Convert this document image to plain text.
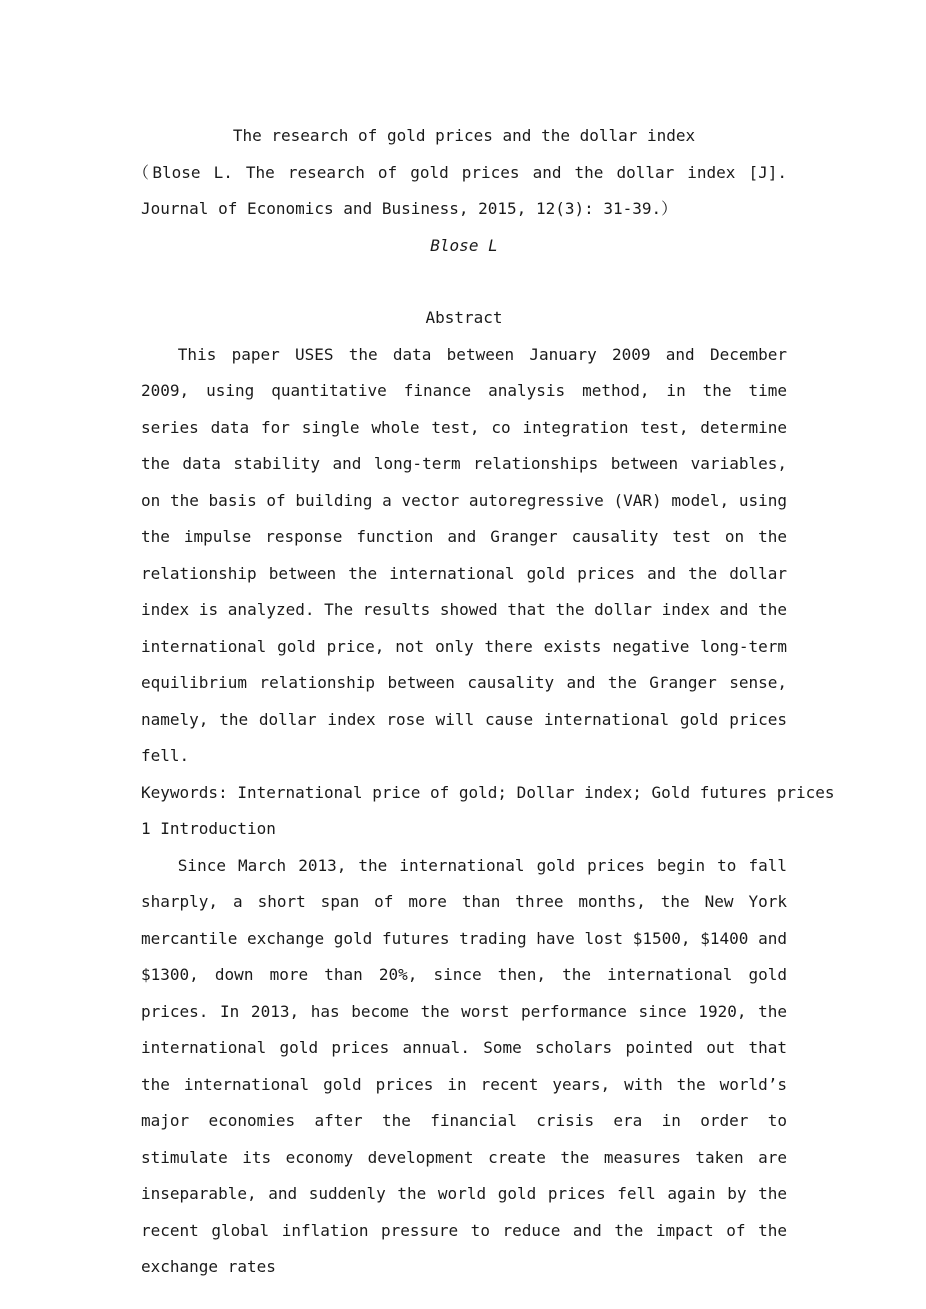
The research of gold prices and the dollar index

（Blose L. The research of gold prices and the dollar index [J]. Journal of Economics and Business, 2015, 12(3): 31-39.）

Blose L

Abstract

This paper USES the data between January 2009 and December 2009, using quantitative finance analysis method, in the time series data for single whole test, co integration test, determine the data stability and long-term relationships between variables, on the basis of building a vector autoregressive (VAR) model, using the impulse response function and Granger causality test on the relationship between the international gold prices and the dollar index is analyzed. The results showed that the dollar index and the international gold price, not only there exists negative long-term equilibrium relationship between causality and the Granger sense, namely, the dollar index rose will cause international gold prices fell.

Keywords: International price of gold; Dollar index; Gold futures prices

1 Introduction

Since March 2013, the international gold prices begin to fall sharply, a short span of more than three months, the New York mercantile exchange gold futures trading have lost $1500, $1400 and $1300, down more than 20%, since then, the international gold prices. In 2013, has become the worst performance since 1920, the international gold prices annual. Some scholars pointed out that the international gold prices in recent years, with the world’s major economies after the financial crisis era in order to stimulate its economy development create the measures taken are inseparable, and suddenly the world gold prices fell again by the recent global inflation pressure to reduce and the impact of the exchange rates
